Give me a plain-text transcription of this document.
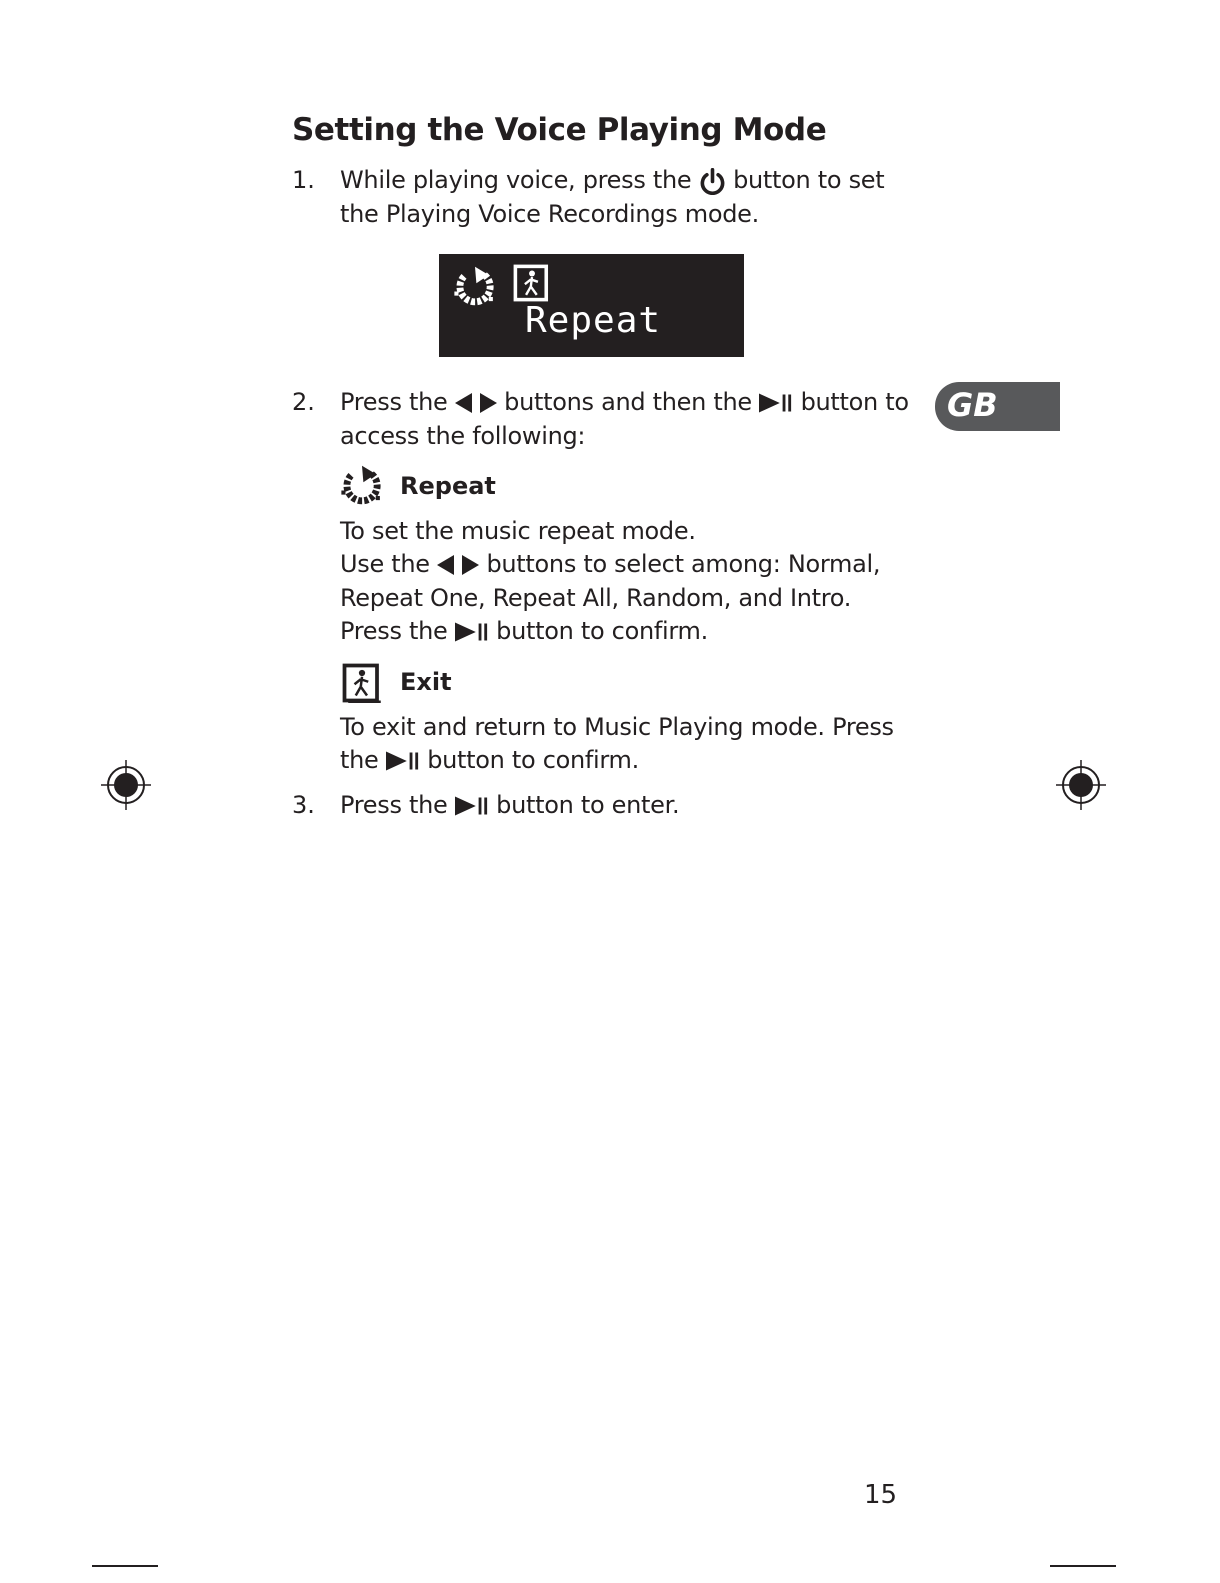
Setting the Voice Playing Mode
1. While playing voice, press the button to set
the Playing Voice Recordings mode.
Repeat
GB
2. Press the buttons and then the button to
access the following:
Repeat
To set the music repeat mode.
Use the buttons to select among: Normal,
Repeat One, Repeat All, Random, and Intro.
Press the button to confirm.
Exit
To exit and return to Music Playing mode. Press
the button to confirm.
3. Press the button to enter.
15
